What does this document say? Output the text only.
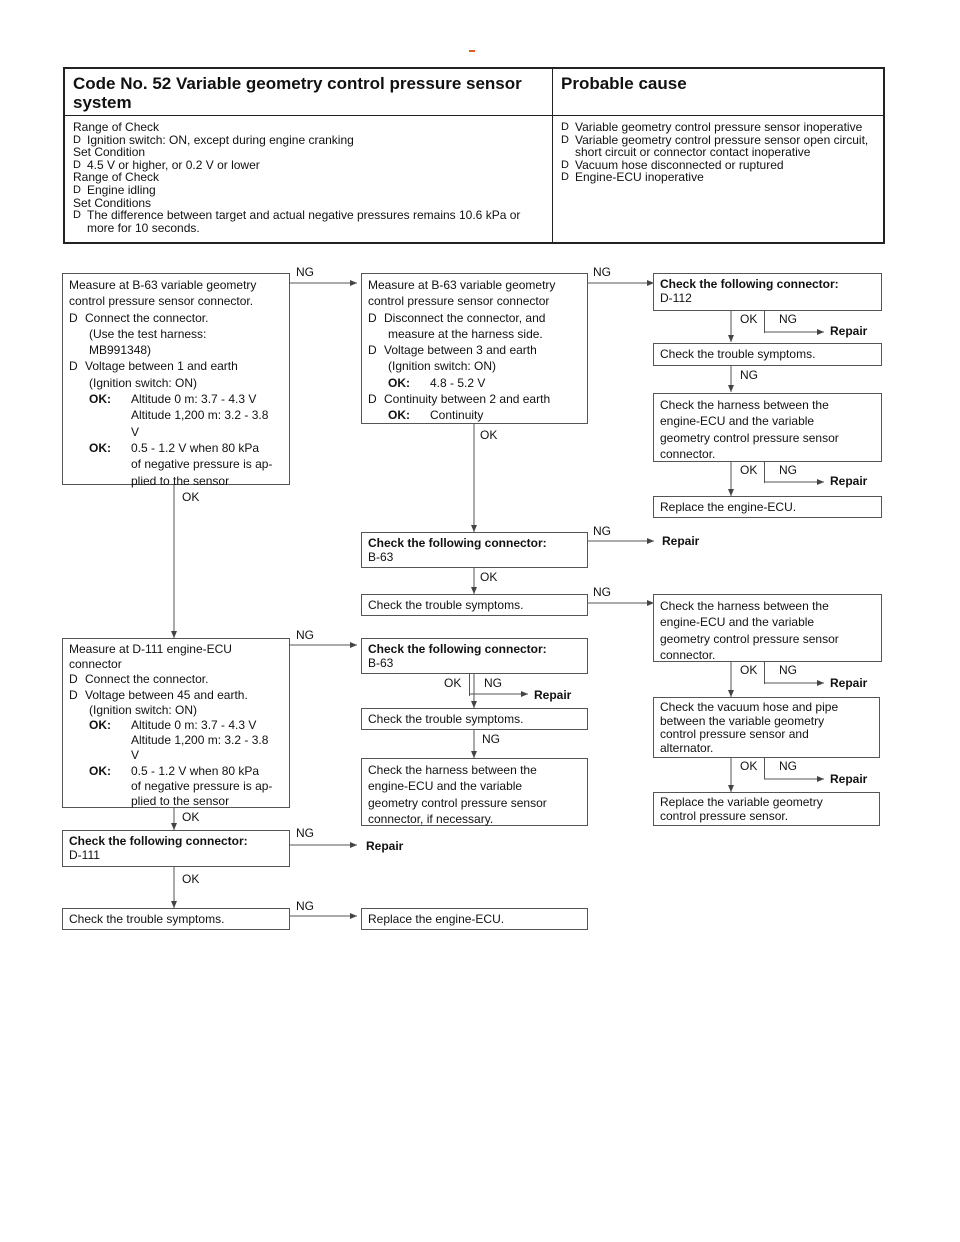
Code No. 52 Variable geometry control pressure sensor system
Probable cause
Range of Check
D Ignition switch: ON, except during engine cranking
Set Condition
D 4.5 V or higher, or 0.2 V or lower
Range of Check
D Engine idling
Set Conditions
D The difference between target and actual negative pressures remains 10.6 kPa or more for 10 seconds.
D Variable geometry control pressure sensor inoperative
D Variable geometry control pressure sensor open circuit, short circuit or connector contact inoperative
D Vacuum hose disconnected or ruptured
D Engine-ECU inoperative
Measure at B-63 variable geometry
control pressure sensor connector.
D Connect the connector.
(Use the test harness:
MB991348)
D Voltage between 1 and earth
(Ignition switch: ON)
OK:	Altitude 0 m: 3.7 - 4.3 V
Altitude 1,200 m: 3.2 - 3.8
V
OK:	0.5 - 1.2 V when 80 kPa
of negative pressure is ap-
plied to the sensor
Measure at B-63 variable geometry
control pressure sensor connector
D Disconnect the connector, and
measure at the harness side.
D Voltage between 3 and earth
(Ignition switch: ON)
OK:	4.8 - 5.2 V
D Continuity between 2 and earth
OK:	Continuity
Check the following connector:
D-112
Check the trouble symptoms.
Check the harness between the
engine-ECU and the variable
geometry control pressure sensor
connector.
Replace the engine-ECU.
Check the following connector:
B-63
Check the trouble symptoms.	Check the harness between the
engine-ECU and the variable
geometry control pressure sensor
connector.
Measure at D-111 engine-ECU
connector
D Connect the connector.
D Voltage between 45 and earth.
(Ignition switch: ON)
OK:	Altitude 0 m: 3.7 - 4.3 V
Altitude 1,200 m: 3.2 - 3.8
V
OK:	0.5 - 1.2 V when 80 kPa
of negative pressure is ap-
plied to the sensor
Check the following connector:
B-63
Check the trouble symptoms.
Check the harness between the
engine-ECU and the variable
geometry control pressure sensor
connector, if necessary.
Check the vacuum hose and pipe
between the variable geometry
control pressure sensor and
alternator.
Replace the variable geometry
control pressure sensor.
Check the following connector:
D-111
Check the trouble symptoms.	Replace the engine-ECU.
NG	NG
OK NG
Repair
NG
OK
OK NG
Repair
OK
NG
Repair
OK
NG
NG
OK NG
Repair
OK NG
Repair
NG
OK NG
Repair
OK
NG
Repair
OK
NG
